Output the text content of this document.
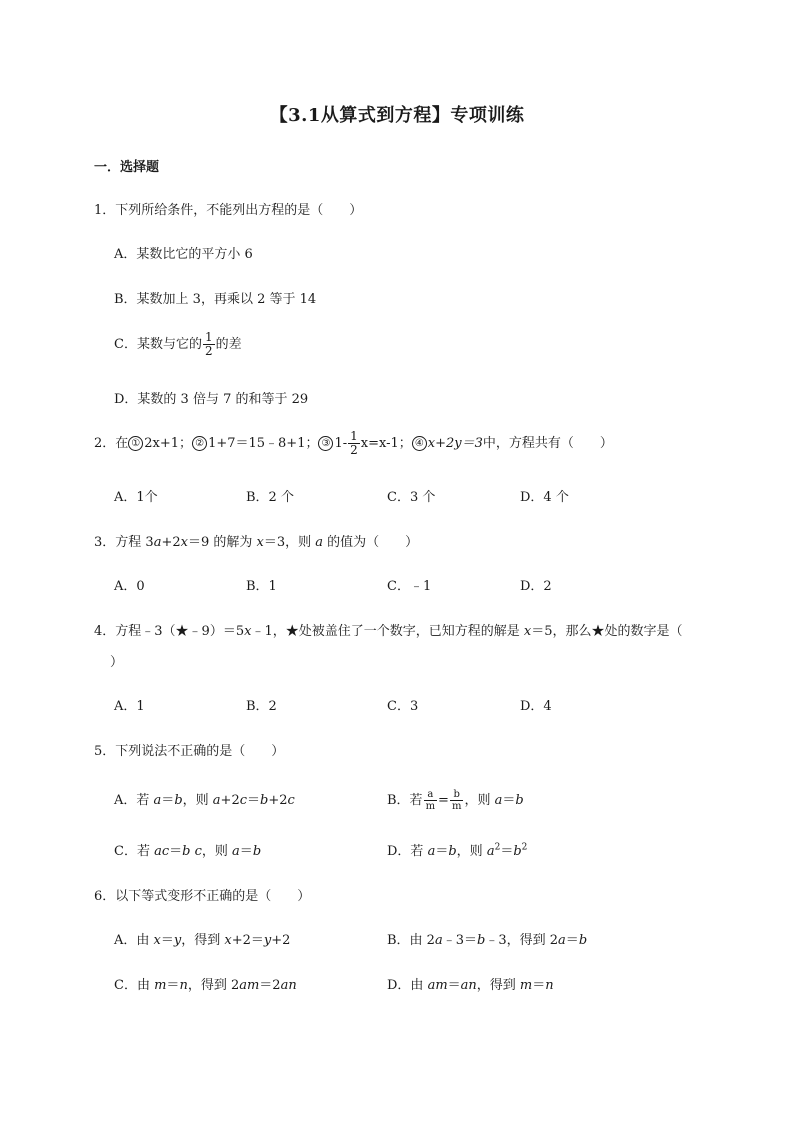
【3.1从算式到方程】专项训练
一．选择题
1．下列所给条件，不能列出方程的是（　　）
A．某数比它的平方小 6
B．某数加上 3，再乘以 2 等于 14
C．某数与它的 $\frac{1}{2}$ 的差
D．某数的 3 倍与 7 的和等于 29
2．在 ① 2x+1； ② 1+7＝15﹣8+1； ③ $1- \frac{1}{2} x=x-1$； ④ x+2y＝3中，方程共有（　　）
A．1个	B．2 个	C．3 个	D．4 个
3．方程 3a+2x＝9 的解为 x＝3，则 a 的值为（　　）
A．0	B．1	C．﹣1	D．2
4．方程﹣3（★﹣9）＝5x﹣1，★处被盖住了一个数字，已知方程的解是 x＝5，那么★处的数字是（
）
A．1	B．2	C．3	D．4
5．下列说法不正确的是（　　）
A．若 a＝b，则 a+2c＝b+2c	B．若 $\frac{a}{m} = \frac{b}{m}$ ，则 a＝b
C．若 ac＝b c，则 a＝b	D．若 a＝b，则 $a^2=b^2$
6．以下等式变形不正确的是（　　）
A．由 x＝y，得到 x+2＝y+2	B．由 2a﹣3＝b﹣3，得到 2a＝b
C．由 m＝n，得到 2am＝2an	D．由 am＝an，得到 m＝n
